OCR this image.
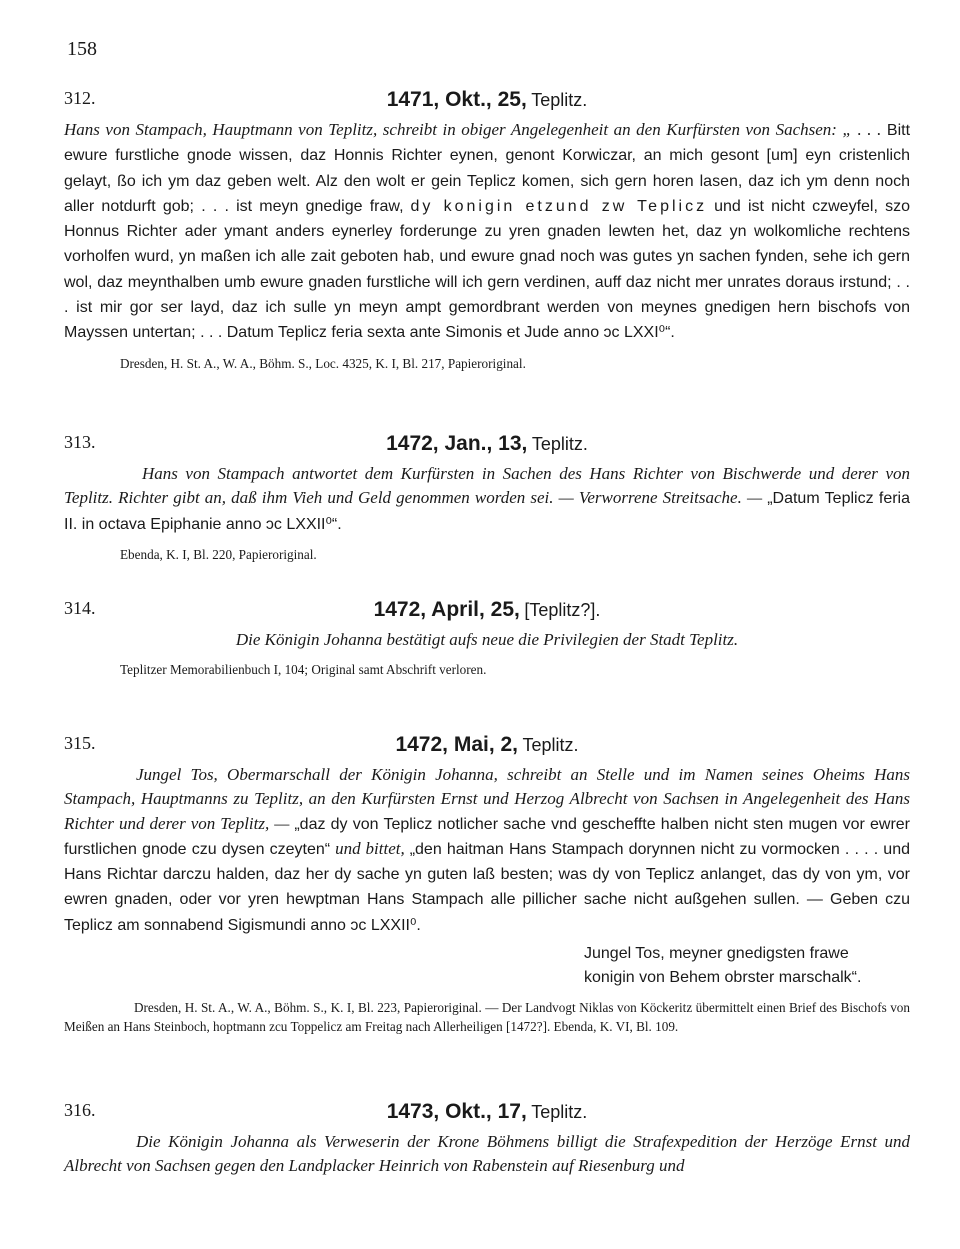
158
312.	1471, Okt., 25, Teplitz.

Hans von Stampach, Hauptmann von Teplitz, schreibt in obiger Angelegenheit an den Kurfürsten von Sachsen: „ . . . Bitt ewure furstliche gnode wissen, daz Honnis Richter eynen, genont Korwiczar, an mich gesont [um] eyn cristenlich gelayt, ßo ich ym daz geben welt. Alz den wolt er gein Teplicz komen, sich gern horen lasen, daz ich ym denn noch aller notdurft gob; . . . ist meyn gnedige fraw, dy konigin etzund zw Teplicz und ist nicht czweyfel, szo Honnus Richter ader ymant anders eynerley forderunge zu yren gnaden lewten het, daz yn wolkomliche rechtens vorholfen wurd, yn maßen ich alle zait geboten hab, und ewure gnad noch was gutes yn sachen fynden, sehe ich gern wol, daz meynthalben umb ewure gnaden furstliche will ich gern verdinen, auff daz nicht mer unrates doraus irstund; . . . ist mir gor ser layd, daz ich sulle yn meyn ampt gemordbrant werden von meynes gnedigen hern bischofs von Mayssen untertan; . . . Datum Teplicz feria sexta ante Simonis et Jude anno ɔc LXXI⁰“.

Dresden, H. St. A., W. A., Böhm. S., Loc. 4325, K. I, Bl. 217, Papieroriginal.

313.	1472, Jan., 13, Teplitz.

Hans von Stampach antwortet dem Kurfürsten in Sachen des Hans Richter von Bischwerde und derer von Teplitz. Richter gibt an, daß ihm Vieh und Geld genommen worden sei. — Verworrene Streitsache. — „Datum Teplicz feria II. in octava Epiphanie anno ɔc LXXII⁰“.

Ebenda, K. I, Bl. 220, Papieroriginal.

314.	1472, April, 25, [Teplitz?].

Die Königin Johanna bestätigt aufs neue die Privilegien der Stadt Teplitz.

Teplitzer Memorabilienbuch I, 104; Original samt Abschrift verloren.

315.	1472, Mai, 2, Teplitz.

Jungel Tos, Obermarschall der Königin Johanna, schreibt an Stelle und im Namen seines Oheims Hans Stampach, Hauptmanns zu Teplitz, an den Kurfürsten Ernst und Herzog Albrecht von Sachsen in Angelegenheit des Hans Richter und derer von Teplitz, — „daz dy von Teplicz notlicher sache vnd gescheffte halben nicht sten mugen vor ewrer furstlichen gnode czu dysen czeyten“ und bittet, „den haitman Hans Stampach dorynnen nicht zu vormocken . . . . und Hans Richtar darczu halden, daz her dy sache yn guten laß besten; was dy von Teplicz anlanget, das dy von ym, vor ewren gnaden, oder vor yren hewptman Hans Stampach alle pillicher sache nicht außgehen sullen. — Geben czu Teplicz am sonnabend Sigismundi anno ɔc LXXII⁰.

Jungel Tos, meyner gnedigsten frawe
konigin von Behem obrster marschalk“.

Dresden, H. St. A., W. A., Böhm. S., K. I, Bl. 223, Papieroriginal. — Der Landvogt Niklas von Köckeritz übermittelt einen Brief des Bischofs von Meißen an Hans Steinboch, hoptmann zcu Toppelicz am Freitag nach Allerheiligen [1472?]. Ebenda, K. VI, Bl. 109.

316.	1473, Okt., 17, Teplitz.

Die Königin Johanna als Verweserin der Krone Böhmens billigt die Strafexpedition der Herzöge Ernst und Albrecht von Sachsen gegen den Landplacker Heinrich von Rabenstein auf Riesenburg und
